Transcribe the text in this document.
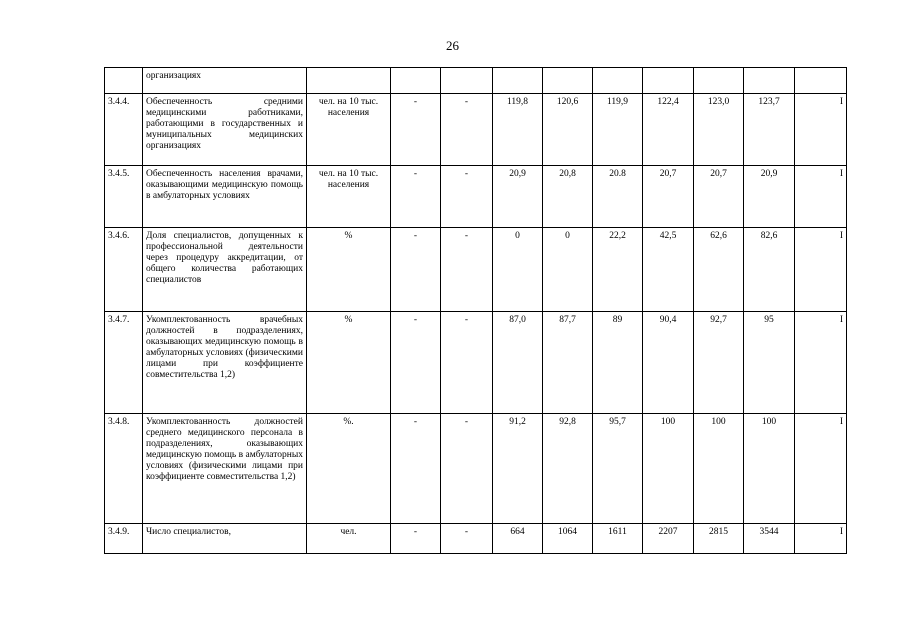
26
	организациях										
3.4.4.	Обеспеченность средними медицинскими работниками, работающими в государственных и муниципальных медицинских организациях	чел. на 10 тыс. населения	-	-	119,8	120,6	119,9	122,4	123,0	123,7	I
3.4.5.	Обеспеченность населения врачами, оказывающими медицинскую помощь в амбулаторных условиях	чел. на 10 тыс. населения	-	-	20,9	20,8	20.8	20,7	20,7	20,9	I
3.4.6.	Доля специалистов, допущенных к профессиональной деятельности через процедуру аккредитации, от общего количества работающих специалистов	%	-	-	0	0	22,2	42,5	62,6	82,6	I
3.4.7.	Укомплектованность врачебных должностей в подразделениях, оказывающих медицинскую помощь в амбулаторных условиях (физическими лицами при коэффициенте совместительства 1,2)	%	-	-	87,0	87,7	89	90,4	92,7	95	I
3.4.8.	Укомплектованность должностей среднего медицинского персонала в подразделениях, оказывающих медицинскую помощь в амбулаторных условиях (физическими лицами при коэффициенте совместительства 1,2)	%.	-	-	91,2	92,8	95,7	100	100	100	I
3.4.9.	Число специалистов,	чел.	-	-	664	1064	1611	2207	2815	3544	I
